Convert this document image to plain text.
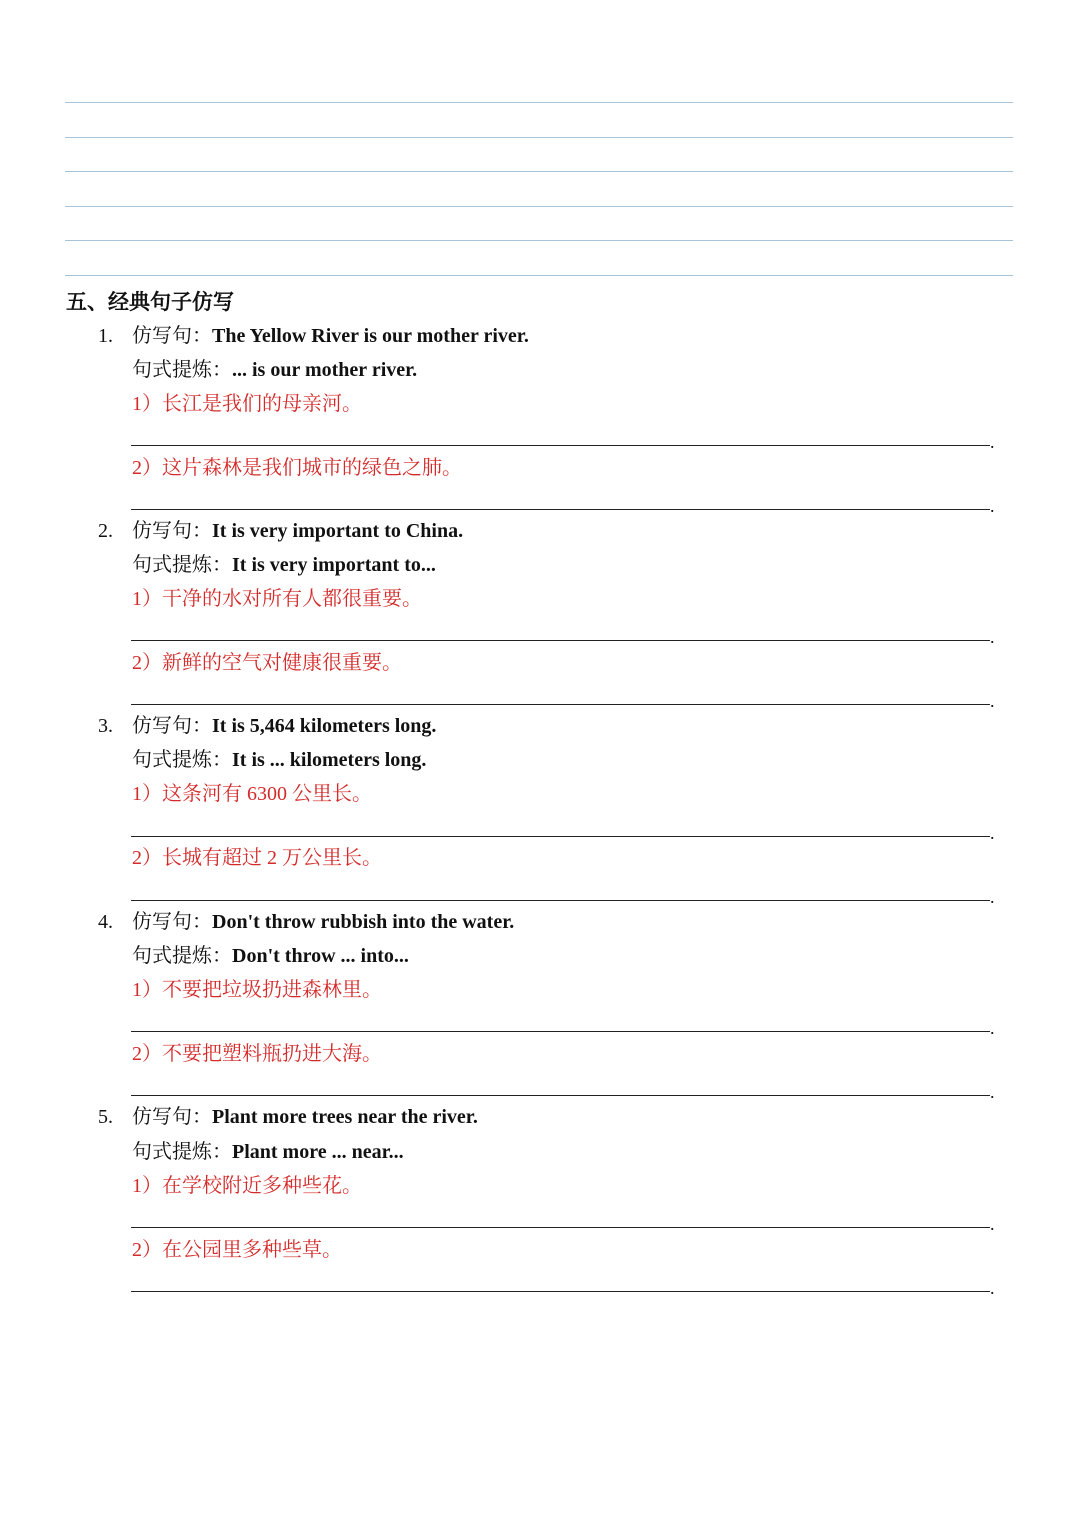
五、经典句子仿写
1. 仿写句：The Yellow River is our mother river.
句式提炼：... is our mother river.
1）长江是我们的母亲河。
.
2）这片森林是我们城市的绿色之肺。
.
2. 仿写句：It is very important to China.
句式提炼：It is very important to...
1）干净的水对所有人都很重要。
.
2）新鲜的空气对健康很重要。
.
3. 仿写句：It is 5,464 kilometers long.
句式提炼：It is ... kilometers long.
1）这条河有 6300 公里长。
.
2）长城有超过 2 万公里长。
.
4. 仿写句：Don't throw rubbish into the water.
句式提炼：Don't throw ... into...
1）不要把垃圾扔进森林里。
.
2）不要把塑料瓶扔进大海。
.
5. 仿写句：Plant more trees near the river.
句式提炼：Plant more ... near...
1）在学校附近多种些花。
.
2）在公园里多种些草。
.
